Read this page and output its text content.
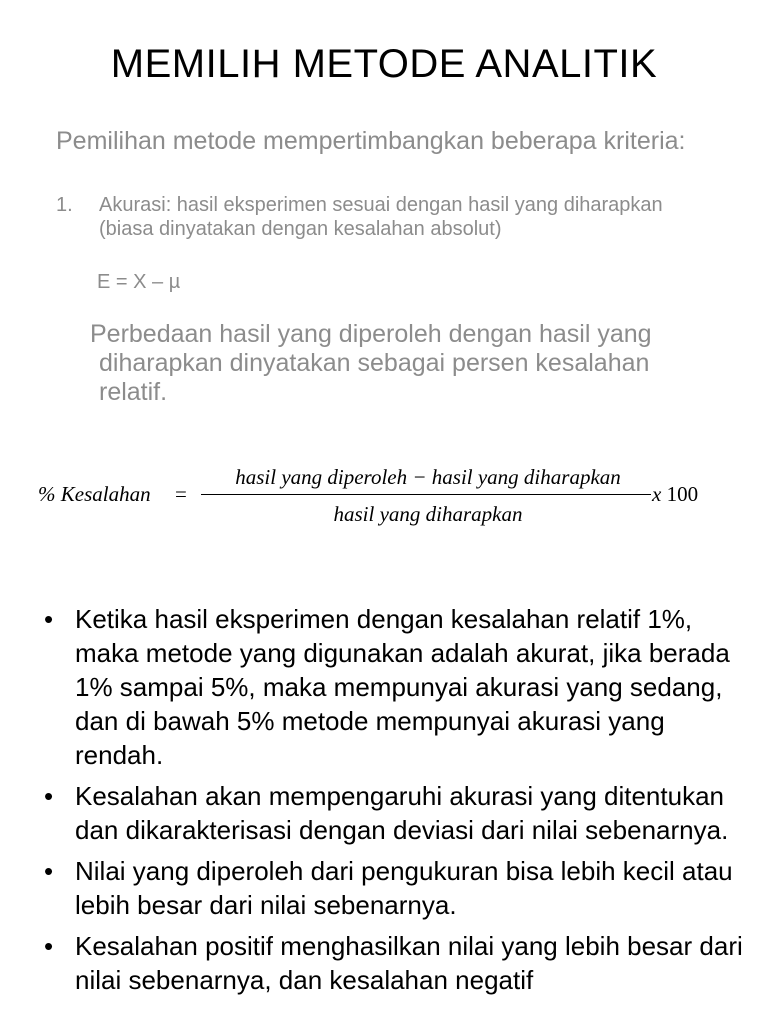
MEMILIH METODE ANALITIK
Pemilihan metode mempertimbangkan beberapa kriteria:
1. Akurasi: hasil eksperimen sesuai dengan hasil yang diharapkan (biasa dinyatakan dengan kesalahan absolut)
E = X – µ
Perbedaan hasil yang diperoleh dengan hasil yang
diharapkan dinyatakan sebagai persen kesalahan
relatif.
% Kesalahan =
hasil yang diperoleh − hasil yang diharapkan
hasil yang diharapkan
x 100
• Ketika hasil eksperimen dengan kesalahan relatif 1%, maka metode yang digunakan adalah akurat, jika berada 1% sampai 5%, maka mempunyai akurasi yang sedang, dan di bawah 5% metode mempunyai akurasi yang rendah.
• Kesalahan akan mempengaruhi akurasi yang ditentukan dan dikarakterisasi dengan deviasi dari nilai sebenarnya.
• Nilai yang diperoleh dari pengukuran bisa lebih kecil atau lebih besar dari nilai sebenarnya.
• Kesalahan positif menghasilkan nilai yang lebih besar dari nilai sebenarnya, dan kesalahan negatif
